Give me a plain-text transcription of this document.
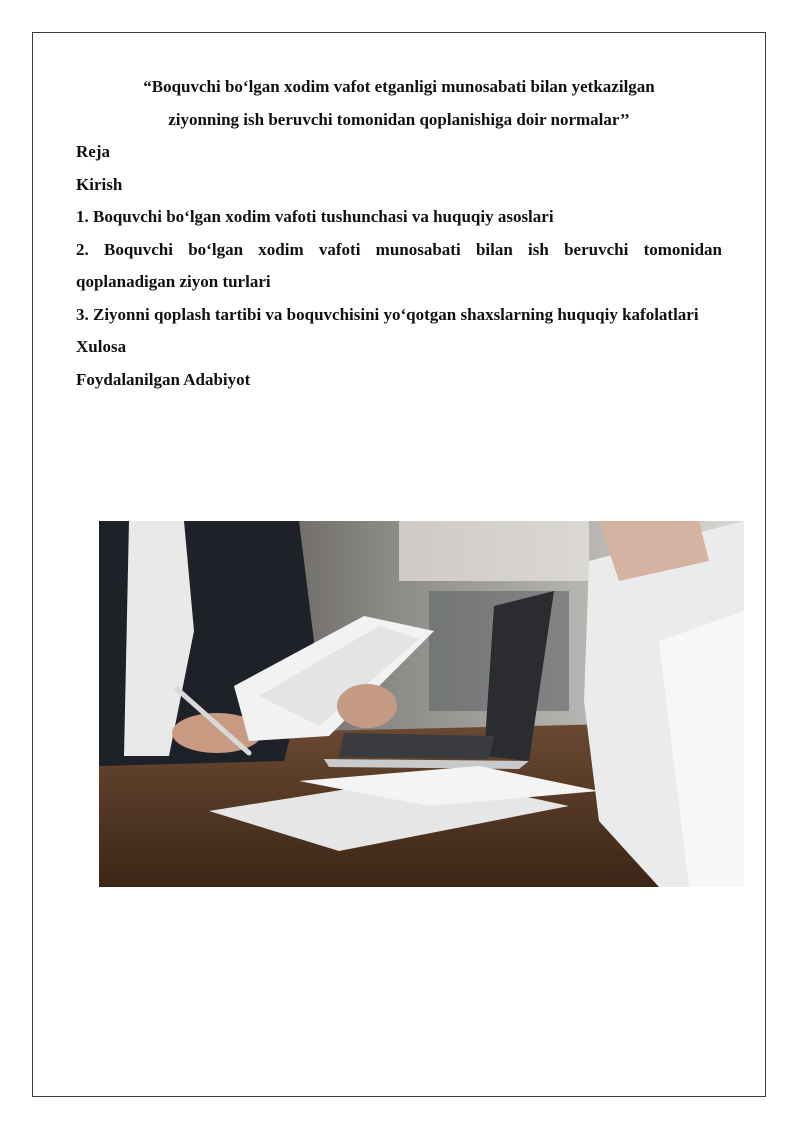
“Boquvchi bo‘lgan xodim vafot etganligi munosabati bilan yetkazilgan
ziyonning ish beruvchi tomonidan qoplanishiga doir normalar’’

Reja

Kirish

1. Boquvchi bo‘lgan xodim vafoti tushunchasi va huquqiy asoslari

2. Boquvchi bo‘lgan xodim vafoti munosabati bilan ish beruvchi tomonidan qoplanadigan ziyon turlari

3. Ziyonni qoplash tartibi va boquvchisini yo‘qotgan shaxslarning huquqiy kafolatlari

Xulosa

Foydalanilgan Adabiyot
